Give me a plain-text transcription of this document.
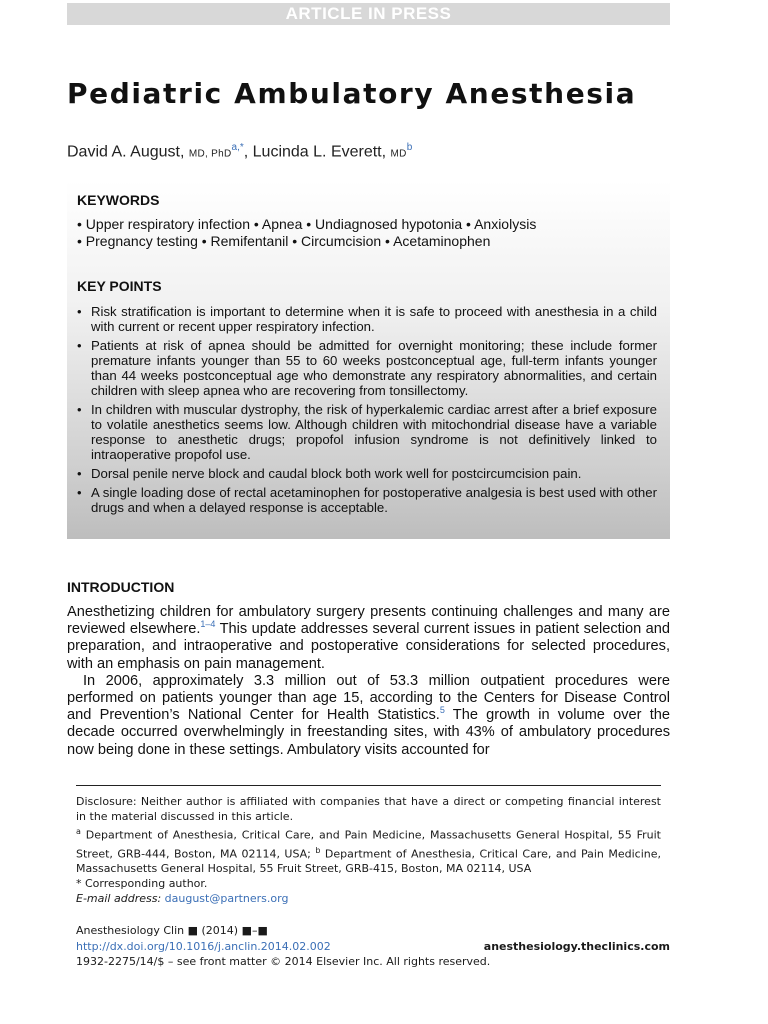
ARTICLE IN PRESS
Pediatric Ambulatory Anesthesia
David A. August, MD, PhD$^{a,*}$, Lucinda L. Everett, $MD^b$
KEYWORDS
• Upper respiratory infection • Apnea • Undiagnosed hypotonia • Anxiolysis
• Pregnancy testing • Remifentanil • Circumcision • Acetaminophen
KEY POINTS
• Risk stratification is important to determine when it is safe to proceed with anesthesia in a child with current or recent upper respiratory infection.
• Patients at risk of apnea should be admitted for overnight monitoring; these include former premature infants younger than 55 to 60 weeks postconceptual age, full-term infants younger than 44 weeks postconceptual age who demonstrate any respiratory abnormalities, and certain children with sleep apnea who are recovering from tonsillectomy.
• In children with muscular dystrophy, the risk of hyperkalemic cardiac arrest after a brief exposure to volatile anesthetics seems low. Although children with mitochondrial disease have a variable response to anesthetic drugs; propofol infusion syndrome is not definitively linked to intraoperative propofol use.
• Dorsal penile nerve block and caudal block both work well for postcircumcision pain.
• A single loading dose of rectal acetaminophen for postoperative analgesia is best used with other drugs and when a delayed response is acceptable.
INTRODUCTION

Anesthetizing children for ambulatory surgery presents continuing challenges and many are reviewed elsewhere.$^{1-4}$ This update addresses several current issues in patient selection and preparation, and intraoperative and postoperative considerations for selected procedures, with an emphasis on pain management.

In 2006, approximately 3.3 million out of 53.3 million outpatient procedures were performed on patients younger than age 15, according to the Centers for Disease Control and Prevention’s National Center for Health Statistics.$^5$ The growth in volume over the decade occurred overwhelmingly in freestanding sites, with 43% of ambulatory procedures now being done in these settings. Ambulatory visits accounted for

Disclosure: Neither author is affiliated with companies that have a direct or competing financial interest in the material discussed in this article.

$^a$ Department of Anesthesia, Critical Care, and Pain Medicine, Massachusetts General Hospital, 55 Fruit Street, GRB-444, Boston, MA 02114, USA; $^b$ Department of Anesthesia, Critical Care, and Pain Medicine, Massachusetts General Hospital, 55 Fruit Street, GRB-415, Boston, MA 02114, USA

* Corresponding author.

E-mail address: daugust@partners.org

Anesthesiology Clin ■ (2014) ■–■
http://dx.doi.org/10.1016/j.anclin.2014.02.002	anesthesiology.theclinics.com
1932-2275/14/$ – see front matter © 2014 Elsevier Inc. All rights reserved.
